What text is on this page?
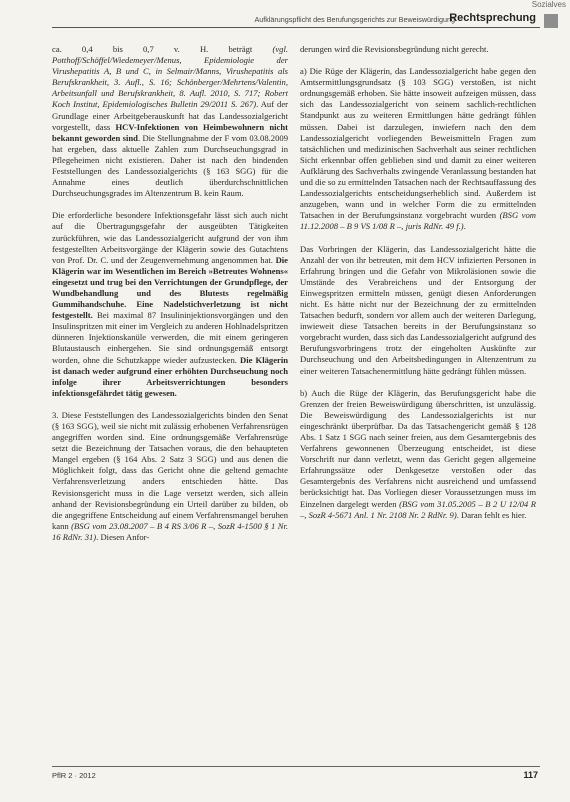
Sozialves
Aufklärungspflicht des Berufungsgerichts zur Beweiswürdigung
Rechtsprechung

ca. 0,4 bis 0,7 v. H. beträgt (vgl. Potthoff/Schöffel/Wiedemeyer/Menus, Epidemiologie der Virushepatitis A, B und C, in Selmair/Manns, Virushepatitis als Berufskrankheit, 3. Aufl., S. 16; Schönberger/Mehrtens/Valentin, Arbeitsunfall und Berufskrankheit, 8. Aufl. 2010, S. 717; Robert Koch Institut, Epidemiologisches Bulletin 29/2011 S. 267). Auf der Grundlage einer Arbeitgeberauskunft hat das Landessozialgericht vorgestellt, dass HCV-Infektionen von Heimbewohnern nicht bekannt geworden sind. Die Stellungnahme der F vom 03.08.2009 hat ergeben, dass aktuelle Zahlen zum Durchseuchungsgrad in Pflegeheimen nicht existieren. Daher ist nach den bindenden Feststellungen des Landessozialgerichts (§ 163 SGG) für die Annahme eines deutlich überdurchschnittlichen Durchseuchungsgrades im Altenzentrum B. kein Raum.

Die erforderliche besondere Infektionsgefahr lässt sich auch nicht auf die Übertragungsgefahr der ausgeübten Tätigkeiten zurückführen, wie das Landessozialgericht aufgrund der von ihm festgestellten Arbeitsvorgänge der Klägerin sowie des Gutachtens von Prof. Dr. C. und der Zeugenvernehmung angenommen hat. Die Klägerin war im Wesentlichen im Bereich »Betreutes Wohnens« eingesetzt und trug bei den Verrichtungen der Grundpflege, der Wundbehandlung und des Blutests regelmäßig Gummihandschuhe. Eine Nadelstichverletzung ist nicht festgestellt. Bei maximal 87 Insulininjektionsvorgängen und den Insulinspritzen mit einer im Vergleich zu anderen Hohlnadelspritzen dünneren Injektionskanüle verwerden, die mit einem geringeren Blutaustausch einhergehen. Sie sind ordnungsgemäß entsorgt worden, ohne die Schutzkappe wieder aufzustecken. Die Klägerin ist danach weder aufgrund einer erhöhten Durchseuchung noch infolge ihrer Arbeitsverrichtungen besonders infektionsgefährdet tätig gewesen.

3. Diese Feststellungen des Landessozialgerichts binden den Senat (§ 163 SGG), weil sie nicht mit zulässig erhobenen Verfahrensrügen angegriffen worden sind. Eine ordnungsgemäße Verfahrensrüge setzt die Bezeichnung der Tatsachen voraus, die den behaupteten Mangel ergeben (§ 164 Abs. 2 Satz 3 SGG) und aus denen die Möglichkeit folgt, dass das Gericht ohne die geltend gemachte Verfahrensverletzung anders entschieden hätte. Das Revisionsgericht muss in die Lage versetzt werden, sich allein anhand der Revisionsbegründung ein Urteil darüber zu bilden, ob die angegriffene Entscheidung auf einem Verfahrensmangel beruhen kann (BSG vom 23.08.2007 – B 4 RS 3/06 R –, SozR 4-1500 § 1 Nr. 16 RdNr. 31). Diesen Anfor-

derungen wird die Revisionsbegründung nicht gerecht.

a) Die Rüge der Klägerin, das Landessozialgericht habe gegen den Amtsermittlungsgrundsatz (§ 103 SGG) verstoßen, ist nicht ordnungsgemäß erhoben. Sie hätte insoweit aufzeigen müssen, dass sich das Landessozialgericht von seinem sachlich-rechtlichen Standpunkt aus zu weiteren Ermittlungen hätte gedrängt fühlen müssen. Dabei ist darzulegen, inwiefern nach den dem Landessozialgericht vorliegenden Beweismitteln Fragen zum tatsächlichen und medizinischen Sachverhalt aus seiner rechtlichen Sicht erkennbar offen geblieben sind und damit zu einer weiteren Aufklärung des Sachverhalts zwingende Veranlassung bestanden hat und die so zu ermittelnden Tatsachen nach der Rechtsauffassung des Landessozialgerichts entscheidungserheblich sind. Außerdem ist anzugeben, wann und in welcher Form die zu ermittelnden Tatsachen in der Berufungsinstanz vorgebracht wurden (BSG vom 11.12.2008 – B 9 VS 1/08 R –, juris RdNr. 49 f.).

Das Vorbringen der Klägerin, das Landessozialgericht hätte die Anzahl der von ihr betreuten, mit dem HCV infizierten Personen in Erfahrung bringen und die Gefahr von Mikroläsionen sowie die Umstände des Verabreichens und der Entsorgung der Einwegspritzen ermitteln müssen, genügt diesen Anforderungen nicht. Es hätte nicht nur der Bezeichnung der zu ermittelnden Tatsachen bedurft, sondern vor allem auch der weiteren Darlegung, inwieweit diese Tatsachen bereits in der Berufungsinstanz so vorgebracht wurden, dass sich das Landessozialgericht aufgrund des Berufungsvorbringens trotz der eingeholten Auskünfte zur Durchseuchung und den Arbeitsbedingungen in Altenzentrum zu einer weiteren Tatsachenermittlung hätte gedrängt fühlen müssen.

b) Auch die Rüge der Klägerin, das Berufungsgericht habe die Grenzen der freien Beweiswürdigung überschritten, ist unzulässig. Die Beweiswürdigung des Landessozialgerichts ist nur eingeschränkt überprüfbar. Da das Tatsachengericht gemäß § 128 Abs. 1 Satz 1 SGG nach seiner freien, aus dem Gesamtergebnis des Verfahrens gewonnenen Überzeugung entscheidet, ist diese Vorschrift nur dann verletzt, wenn das Gericht gegen allgemeine Erfahrungssätze oder Denkgesetze verstoßen oder das Gesamtergebnis des Verfahrens nicht ausreichend und umfassend berücksichtigt hat. Das Vorliegen dieser Voraussetzungen muss im Einzelnen dargelegt werden (BSG vom 31.05.2005 – B 2 U 12/04 R –, SozR 4-5671 Anl. 1 Nr. 2108 Nr. 2 RdNr. 9). Daran fehlt es hier.

PflR 2 · 2012	117
